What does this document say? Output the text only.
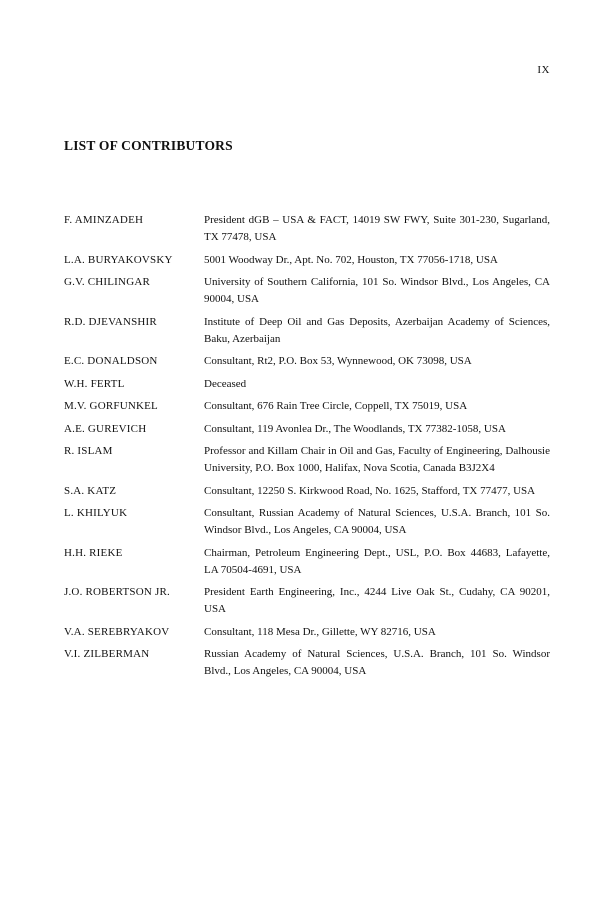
IX
LIST OF CONTRIBUTORS
F. AMINZADEH	President dGB – USA & FACT, 14019 SW FWY, Suite 301-230, Sugarland, TX 77478, USA
L.A. BURYAKOVSKY	5001 Woodway Dr., Apt. No. 702, Houston, TX 77056-1718, USA
G.V. CHILINGAR	University of Southern California, 101 So. Windsor Blvd., Los Angeles, CA 90004, USA
R.D. DJEVANSHIR	Institute of Deep Oil and Gas Deposits, Azerbaijan Academy of Sciences, Baku, Azerbaijan
E.C. DONALDSON	Consultant, Rt2, P.O. Box 53, Wynnewood, OK 73098, USA
W.H. FERTL	Deceased
M.V. GORFUNKEL	Consultant, 676 Rain Tree Circle, Coppell, TX 75019, USA
A.E. GUREVICH	Consultant, 119 Avonlea Dr., The Woodlands, TX 77382-1058, USA
R. ISLAM	Professor and Killam Chair in Oil and Gas, Faculty of Engineering, Dalhousie University, P.O. Box 1000, Halifax, Nova Scotia, Canada B3J2X4
S.A. KATZ	Consultant, 12250 S. Kirkwood Road, No. 1625, Stafford, TX 77477, USA
L. KHILYUK	Consultant, Russian Academy of Natural Sciences, U.S.A. Branch, 101 So. Windsor Blvd., Los Angeles, CA 90004, USA
H.H. RIEKE	Chairman, Petroleum Engineering Dept., USL, P.O. Box 44683, Lafayette, LA 70504-4691, USA
J.O. ROBERTSON JR.	President Earth Engineering, Inc., 4244 Live Oak St., Cudahy, CA 90201, USA
V.A. SEREBRYAKOV	Consultant, 118 Mesa Dr., Gillette, WY 82716, USA
V.I. ZILBERMAN	Russian Academy of Natural Sciences, U.S.A. Branch, 101 So. Windsor Blvd., Los Angeles, CA 90004, USA
